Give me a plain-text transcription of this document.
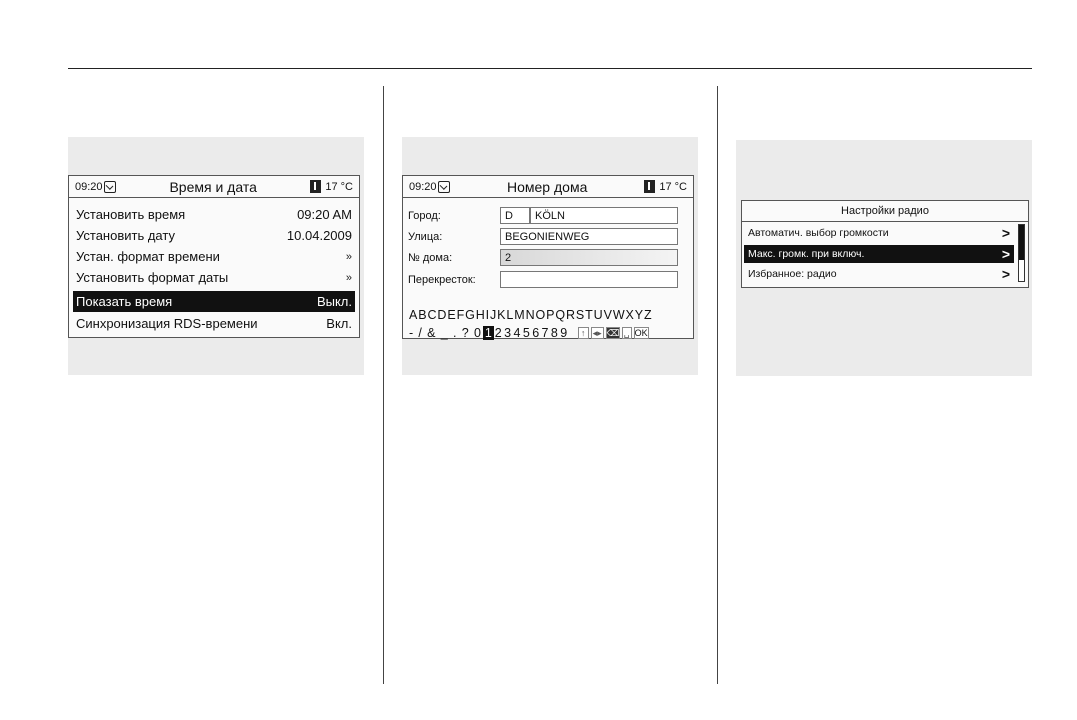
09:20	Время и дата	17 °C
Установить время	09:20 AM
Установить дату	10.04.2009
Устан. формат времени	»
Установить формат даты	»
Показать время	Выкл.
Синхронизация RDS-времени	Вкл.
09:20	Номер дома	17 °C
Город:	D	KÖLN
Улица:	BEGONIENWEG
№ дома:	2
Перекресток:
ABCDEFGHIJKLMNOPQRSTUVWXYZ
- / & _ . ? 0 1 23456789	↑ ◂▸ ⌫ ␣ OK
Настройки радио
Автоматич. выбор громкости	>
Макс. громк. при включ.	>
Избранное: радио	>
